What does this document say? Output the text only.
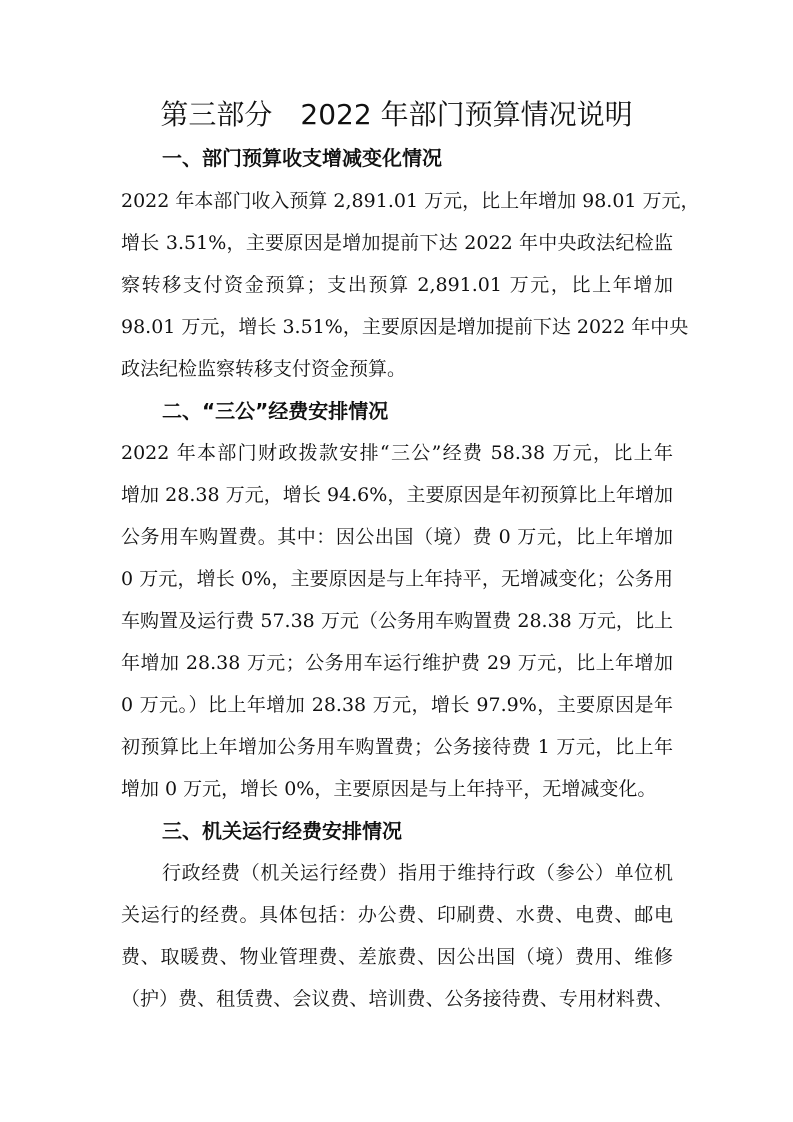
第三部分　2022 年部门预算情况说明
一、部门预算收支增减变化情况
2022 年本部门收入预算 2,891.01 万元，比上年增加 98.01 万元，
增长 3.51%，主要原因是增加提前下达 2022 年中央政法纪检监
察转移支付资金预算；支出预算 2,891.01 万元，比上年增加
98.01 万元，增长 3.51%，主要原因是增加提前下达 2022 年中央
政法纪检监察转移支付资金预算。
二、“三公”经费安排情况
2022 年本部门财政拨款安排“三公”经费 58.38 万元，比上年
增加 28.38 万元，增长 94.6%，主要原因是年初预算比上年增加
公务用车购置费。其中：因公出国（境）费 0 万元，比上年增加
0 万元，增长 0%，主要原因是与上年持平，无增减变化；公务用
车购置及运行费 57.38 万元（公务用车购置费 28.38 万元，比上
年增加 28.38 万元；公务用车运行维护费 29 万元，比上年增加
0 万元。）比上年增加 28.38 万元，增长 97.9%，主要原因是年
初预算比上年增加公务用车购置费；公务接待费 1 万元，比上年
增加 0 万元，增长 0%，主要原因是与上年持平，无增减变化。
三、机关运行经费安排情况
行政经费（机关运行经费）指用于维持行政（参公）单位机
关运行的经费。具体包括：办公费、印刷费、水费、电费、邮电
费、取暖费、物业管理费、差旅费、因公出国（境）费用、维修
（护）费、租赁费、会议费、培训费、公务接待费、专用材料费、
